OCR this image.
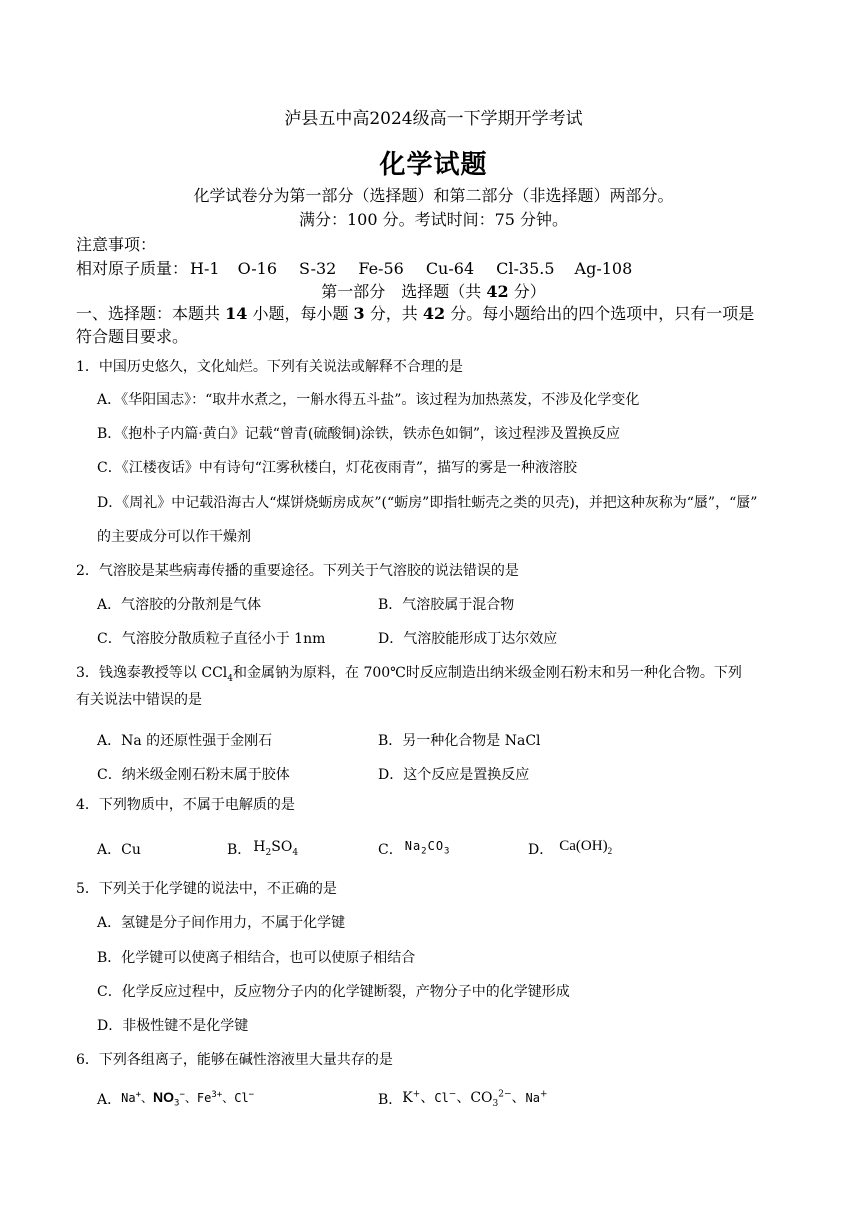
泸县五中高2024级高一下学期开学考试
化学试题
化学试卷分为第一部分（选择题）和第二部分（非选择题）两部分。
满分：100 分。考试时间：75 分钟。
注意事项：
相对原子质量： H-1 O-16 S-32 Fe-56 Cu-64 Cl-35.5 Ag-108
第一部分　选择题（共 42 分）
一、选择题：本题共 14 小题，每小题 3 分，共 42 分。每小题给出的四个选项中，只有一项是
符合题目要求。
1．中国历史悠久，文化灿烂。下列有关说法或解释不合理的是
A．《华阳国志》：“取井水煮之，一斛水得五斗盐”。该过程为加热蒸发，不涉及化学变化
B．《抱朴子内篇·黄白》记载“曾青(硫酸铜)涂铁，铁赤色如铜”，该过程涉及置换反应
C．《江楼夜话》中有诗句“江雾秋楼白，灯花夜雨青”，描写的雾是一种液溶胶
D．《周礼》中记载沿海古人“煤饼烧蛎房成灰”(“蛎房”即指牡蛎壳之类的贝壳)，并把这种灰称为“蜃”，“蜃”
的主要成分可以作干燥剂
2．气溶胶是某些病毒传播的重要途径。下列关于气溶胶的说法错误的是
A．气溶胶的分散剂是气体	B．气溶胶属于混合物
C．气溶胶分散质粒子直径小于 1nm	D．气溶胶能形成丁达尔效应
3．钱逸泰教授等以 CCl$_4$和金属钠为原料，在 700℃时反应制造出纳米级金刚石粉末和另一种化合物。下列
有关说法中错误的是
A．Na 的还原性强于金刚石	B．另一种化合物是 NaCl
C．纳米级金刚石粉末属于胶体	D．这个反应是置换反应
4．下列物质中，不属于电解质的是
A．Cu	B． $H_2SO_4$	C． $Na_2CO_3$	D． $Ca(OH)_2$
5．下列关于化学键的说法中，不正确的是
A．氢键是分子间作用力，不属于化学键
B．化学键可以使离子相结合，也可以使原子相结合
C．化学反应过程中，反应物分子内的化学键断裂，产物分子中的化学键形成
D．非极性键不是化学键
6．下列各组离子，能够在碱性溶液里大量共存的是
A．Na+、$NO_3^-$、$Fe^{3+}$、Cl−	B．K+、Cl−、$CO_3^{2-}$、Na+
